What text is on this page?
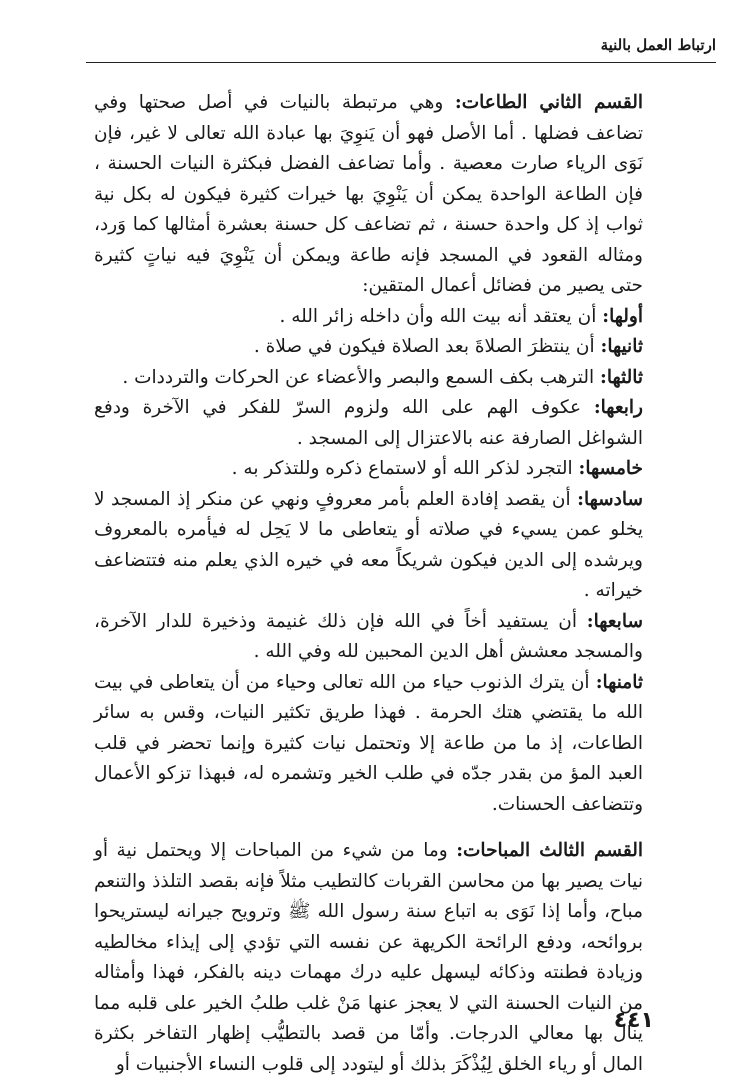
ارتباط العمل بالنية

القسم الثاني الطاعات: وهي مرتبطة بالنيات في أصل صحتها وفي تضاعف فضلها . أما الأصل فهو أن يَنوِيَ بها عبادة الله تعالى لا غير، فإن نَوَى الرياء صارت معصية . وأما تضاعف الفضل فبكثرة النيات الحسنة ، فإن الطاعة الواحدة يمكن أن يَنْوِيَ بها خيرات كثيرة فيكون له بكل نية ثواب إذ كل واحدة حسنة ، ثم تضاعف كل حسنة بعشرة أمثالها كما وَرد، ومثاله القعود في المسجد فإنه طاعة ويمكن أن يَنْوِيَ فيه نياتٍ كثيرة حتى يصير من فضائل أعمال المتقين:

أولها: أن يعتقد أنه بيت الله وأن داخله زائر الله .

ثانيها: أن ينتظرَ الصلاةَ بعد الصلاة فيكون في صلاة .

ثالثها: الترهب بكف السمع والبصر والأعضاء عن الحركات والترددات .

رابعها: عكوف الهم على الله ولزوم السرّ للفكر في الآخرة ودفع الشواغل الصارفة عنه بالاعتزال إلى المسجد .

خامسها: التجرد لذكر الله أو لاستماع ذكره وللتذكر به .

سادسها: أن يقصد إفادة العلم بأمر معروفٍ ونهي عن منكر إذ المسجد لا يخلو عمن يسيء في صلاته أو يتعاطى ما لا يَحِل له فيأمره بالمعروف ويرشده إلى الدين فيكون شريكاً معه في خيره الذي يعلم منه فتتضاعف خيراته .

سابعها: أن يستفيد أخاً في الله فإن ذلك غنيمة وذخيرة للدار الآخرة، والمسجد معشش أهل الدين المحبين لله وفي الله .

ثامنها: أن يترك الذنوب حياء من الله تعالى وحياء من أن يتعاطى في بيت الله ما يقتضي هتك الحرمة . فهذا طريق تكثير النيات، وقس به سائر الطاعات، إذ ما من طاعة إلا وتحتمل نيات كثيرة وإنما تحضر في قلب العبد المؤ من بقدر جدّه في طلب الخير وتشمره له، فبهذا تزكو الأعمال وتتضاعف الحسنات.

القسم الثالث المباحات: وما من شيء من المباحات إلا ويحتمل نية أو نيات يصير بها من محاسن القربات كالتطيب مثلاً فإنه بقصد التلذذ والتنعم مباح، وأما إذا نَوَى به اتباع سنة رسول الله ﷺ وترويح جيرانه ليستريحوا بروائحه، ودفع الرائحة الكريهة عن نفسه التي تؤدي إلى إيذاء مخالطيه وزيادة فطنته وذكائه ليسهل عليه درك مهمات دينه بالفكر، فهذا وأمثاله من النيات الحسنة التي لا يعجز عنها مَنْ غلب طلبُ الخير على قلبه مما ينال بها معالي الدرجات. وأمّا من قصد بالتطيُّب إظهار التفاخر بكثرة المال أو رياء الخلق لِيُذْكَرَ بذلك أو ليتودد إلى قلوب النساء الأجنبيات أو

٤٤١
